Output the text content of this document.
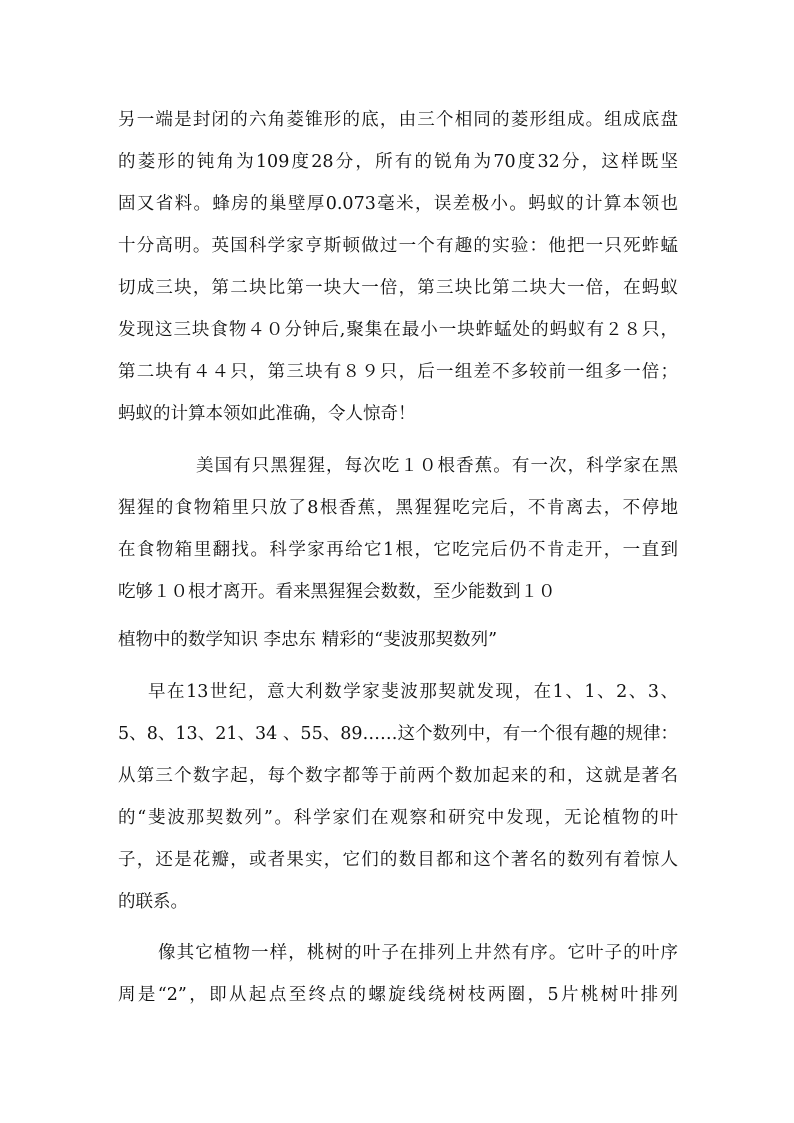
另一端是封闭的六角菱锥形的底，由三个相同的菱形组成。组成底盘
的菱形的钝角为109度28分，所有的锐角为70度32分，这样既坚
固又省料。蜂房的巢壁厚0.073毫米，误差极小。蚂蚁的计算本领也
十分高明。英国科学家亨斯顿做过一个有趣的实验：他把一只死蚱蜢
切成三块，第二块比第一块大一倍，第三块比第二块大一倍，在蚂蚁
发现这三块食物４０分钟后,聚集在最小一块蚱蜢处的蚂蚁有２８只，
第二块有４４只，第三块有８９只，后一组差不多较前一组多一倍；
蚂蚁的计算本领如此准确，令人惊奇！
美国有只黑猩猩，每次吃１０根香蕉。有一次，科学家在黑
猩猩的食物箱里只放了8根香蕉，黑猩猩吃完后，不肯离去，不停地
在食物箱里翻找。科学家再给它1根，它吃完后仍不肯走开，一直到
吃够１０根才离开。看来黑猩猩会数数，至少能数到１０
植物中的数学知识 李忠东 精彩的“斐波那契数列”
早在13世纪，意大利数学家斐波那契就发现，在1、1、2、3、
5、8、13、21、34 、55、89……这个数列中，有一个很有趣的规律：
从第三个数字起，每个数字都等于前两个数加起来的和，这就是著名
的“斐波那契数列”。科学家们在观察和研究中发现，无论植物的叶
子，还是花瓣，或者果实，它们的数目都和这个著名的数列有着惊人
的联系。
像其它植物一样，桃树的叶子在排列上井然有序。它叶子的叶序
周是“2”，即从起点至终点的螺旋线绕树枝两圈，5片桃树叶排列
